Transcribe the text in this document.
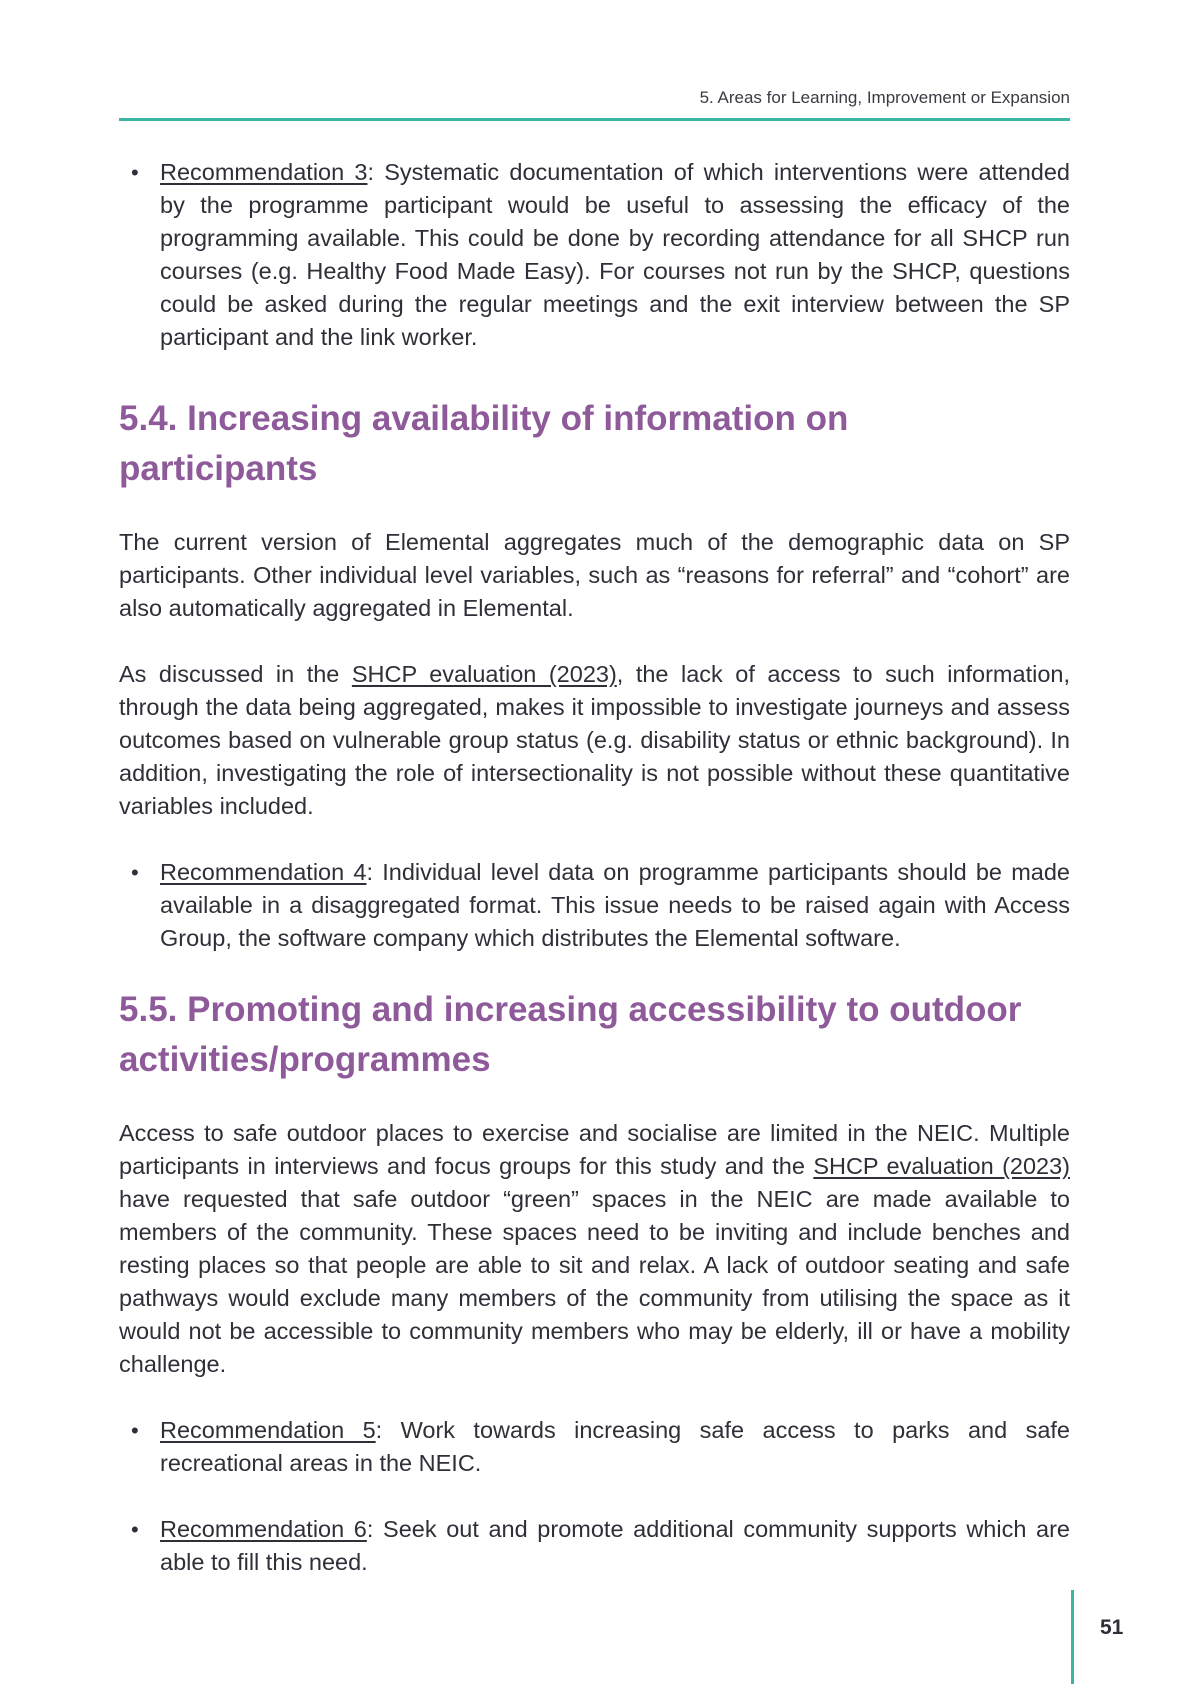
5. Areas for Learning, Improvement or Expansion
• Recommendation 3: Systematic documentation of which interventions were attended by the programme participant would be useful to assessing the efficacy of the programming available. This could be done by recording attendance for all SHCP run courses (e.g. Healthy Food Made Easy). For courses not run by the SHCP, questions could be asked during the regular meetings and the exit interview between the SP participant and the link worker.
5.4. Increasing availability of information on participants

The current version of Elemental aggregates much of the demographic data on SP participants. Other individual level variables, such as “reasons for referral” and “cohort” are also automatically aggregated in Elemental.

As discussed in the SHCP evaluation (2023), the lack of access to such information, through the data being aggregated, makes it impossible to investigate journeys and assess outcomes based on vulnerable group status (e.g. disability status or ethnic background). In addition, investigating the role of intersectionality is not possible without these quantitative variables included.

• Recommendation 4: Individual level data on programme participants should be made available in a disaggregated format. This issue needs to be raised again with Access Group, the software company which distributes the Elemental software.
5.5. Promoting and increasing accessibility to outdoor activities/programmes

Access to safe outdoor places to exercise and socialise are limited in the NEIC. Multiple participants in interviews and focus groups for this study and the SHCP evaluation (2023) have requested that safe outdoor “green” spaces in the NEIC are made available to members of the community. These spaces need to be inviting and include benches and resting places so that people are able to sit and relax. A lack of outdoor seating and safe pathways would exclude many members of the community from utilising the space as it would not be accessible to community members who may be elderly, ill or have a mobility challenge.

• Recommendation 5: Work towards increasing safe access to parks and safe recreational areas in the NEIC.
• Recommendation 6: Seek out and promote additional community supports which are able to fill this need.
51
